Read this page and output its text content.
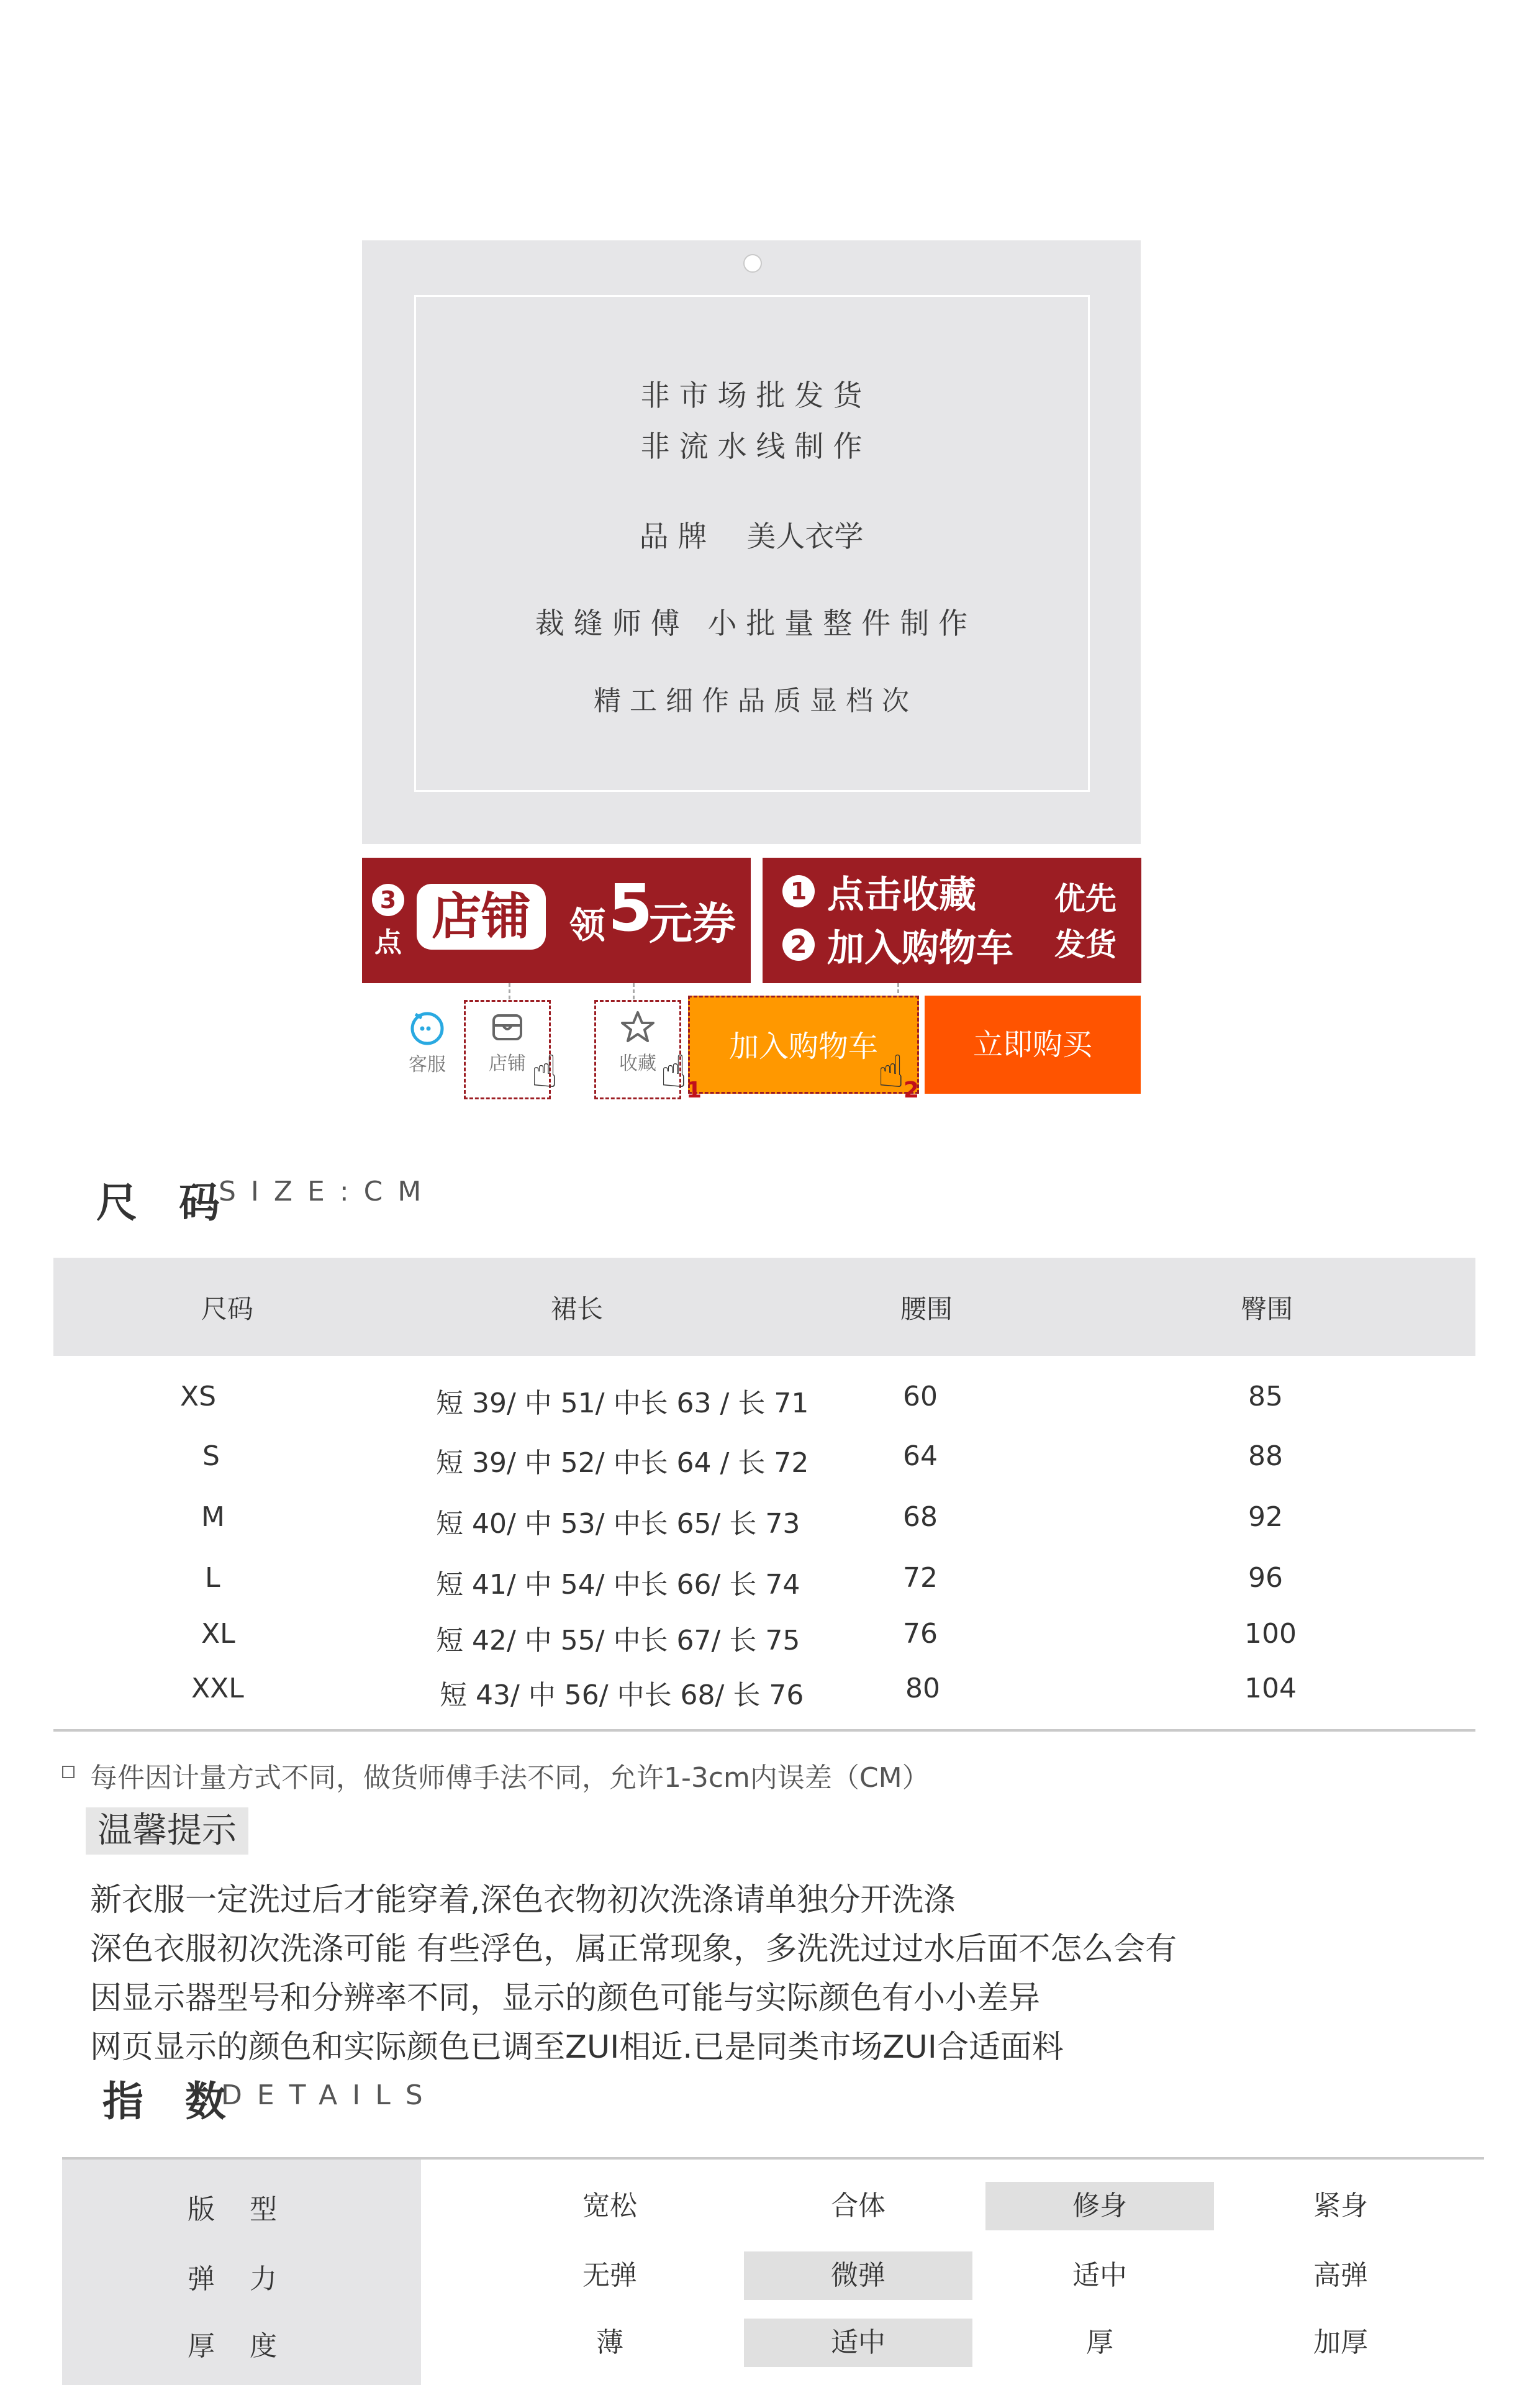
非 市 场 批 发 货
非 流 水 线 制 作
品 牌 美人衣学
裁 缝 师 傅   小 批 量 整 件 制 作
精 工 细 作 品 质 显 档 次
3
点 店铺	领 5
元券
1 点击收藏
2 加入购物车
优先
发货
客服	店铺	收藏	加入购物车	立即购买
☝ ☝
1	☝
2
尺 码
SIZE:CM
尺码	裙长	腰围	臀围
XS	短 39/ 中 51/ 中长 63 / 长 71	60	85
S	短 39/ 中 52/ 中长 64 / 长 72	64	88
M	短 40/ 中 53/ 中长 65/ 长 73	68	92
L	短 41/ 中 54/ 中长 66/ 长 74	72	96
XL	短 42/ 中 55/ 中长 67/ 长 75	76	100
XXL	短 43/ 中 56/ 中长 68/ 长 76	80	104
每件因计量方式不同，做货师傅手法不同，允许1-3cm内误差（CM）
温馨提示
新衣服一定洗过后才能穿着,深色衣物初次洗涤请单独分开洗涤
深色衣服初次洗涤可能 有些浮色，属正常现象，多洗洗过过水后面不怎么会有
因显示器型号和分辨率不同，显示的颜色可能与实际颜色有小小差异
网页显示的颜色和实际颜色已调至ZUI相近.已是同类市场ZUI合适面料
指 数
DETAILS
版    型	宽松	合体	修身	紧身
弹    力	无弹	微弹	适中	高弹
厚    度	薄	适中	厚	加厚
